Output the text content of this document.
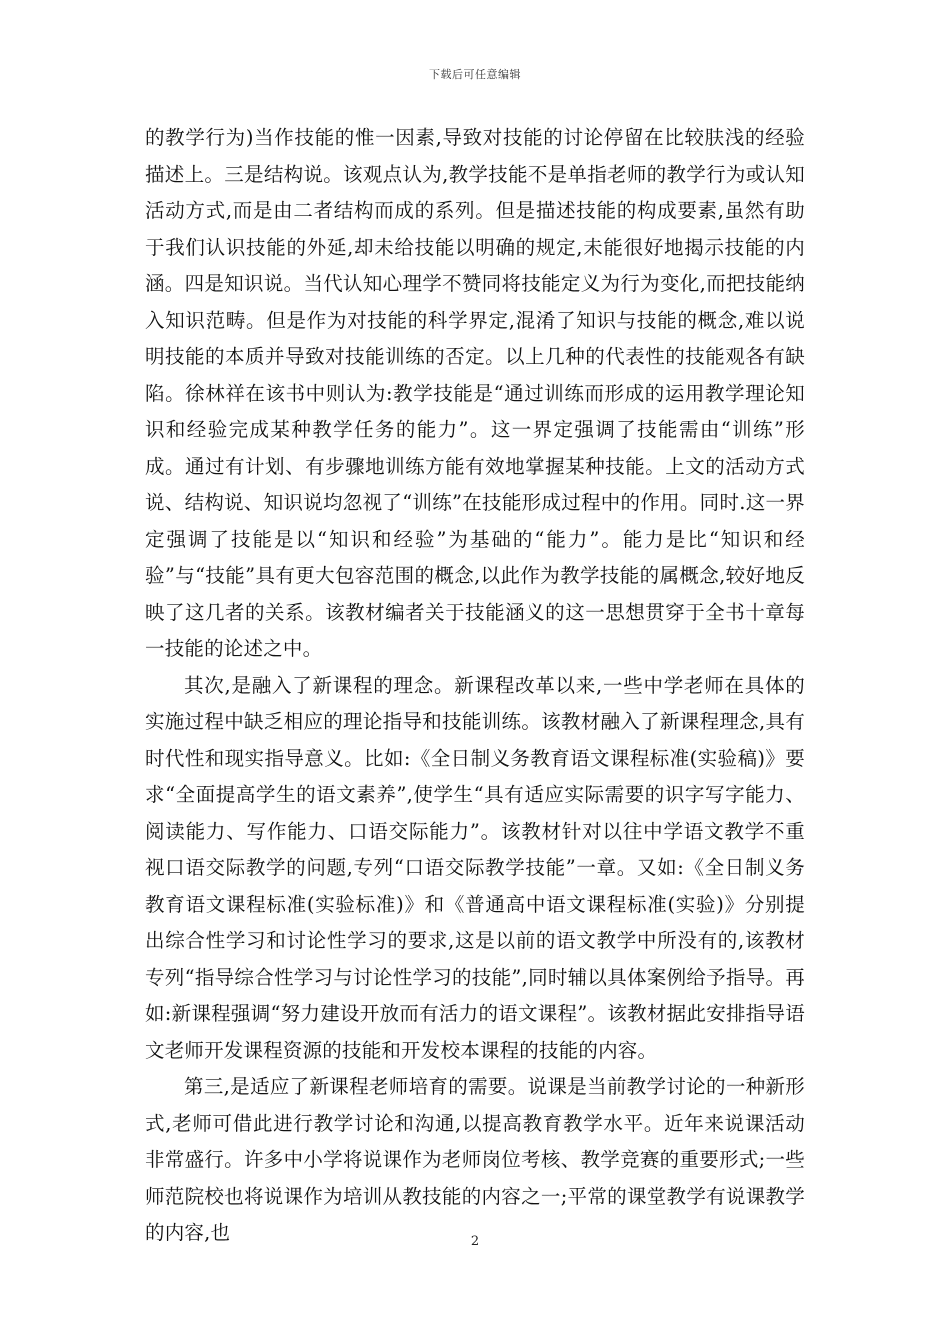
下载后可任意编辑

的教学行为)当作技能的惟一因素,导致对技能的讨论停留在比较肤浅的经验描述上。三是结构说。该观点认为,教学技能不是单指老师的教学行为或认知活动方式,而是由二者结构而成的系列。但是描述技能的构成要素,虽然有助于我们认识技能的外延,却未给技能以明确的规定,未能很好地揭示技能的内涵。四是知识说。当代认知心理学不赞同将技能定义为行为变化,而把技能纳入知识范畴。但是作为对技能的科学界定,混淆了知识与技能的概念,难以说明技能的本质并导致对技能训练的否定。以上几种的代表性的技能观各有缺陷。徐林祥在该书中则认为:教学技能是“通过训练而形成的运用教学理论知识和经验完成某种教学任务的能力”。这一界定强调了技能需由“训练”形成。通过有计划、有步骤地训练方能有效地掌握某种技能。上文的活动方式说、结构说、知识说均忽视了“训练”在技能形成过程中的作用。同时.这一界定强调了技能是以“知识和经验”为基础的“能力”。能力是比“知识和经验”与“技能”具有更大包容范围的概念,以此作为教学技能的属概念,较好地反映了这几者的关系。该教材编者关于技能涵义的这一思想贯穿于全书十章每一技能的论述之中。

其次,是融入了新课程的理念。新课程改革以来,一些中学老师在具体的实施过程中缺乏相应的理论指导和技能训练。该教材融入了新课程理念,具有时代性和现实指导意义。比如:《全日制义务教育语文课程标准(实验稿)》要求“全面提高学生的语文素养”,使学生“具有适应实际需要的识字写字能力、阅读能力、写作能力、口语交际能力”。该教材针对以往中学语文教学不重视口语交际教学的问题,专列“口语交际教学技能”一章。又如:《全日制义务教育语文课程标准(实验标准)》和《普通高中语文课程标准(实验)》分别提出综合性学习和讨论性学习的要求,这是以前的语文教学中所没有的,该教材专列“指导综合性学习与讨论性学习的技能”,同时辅以具体案例给予指导。再如:新课程强调“努力建设开放而有活力的语文课程”。该教材据此安排指导语文老师开发课程资源的技能和开发校本课程的技能的内容。

第三,是适应了新课程老师培育的需要。说课是当前教学讨论的一种新形式,老师可借此进行教学讨论和沟通,以提高教育教学水平。近年来说课活动非常盛行。许多中小学将说课作为老师岗位考核、教学竞赛的重要形式;一些师范院校也将说课作为培训从教技能的内容之一;平常的课堂教学有说课教学的内容,也	2
